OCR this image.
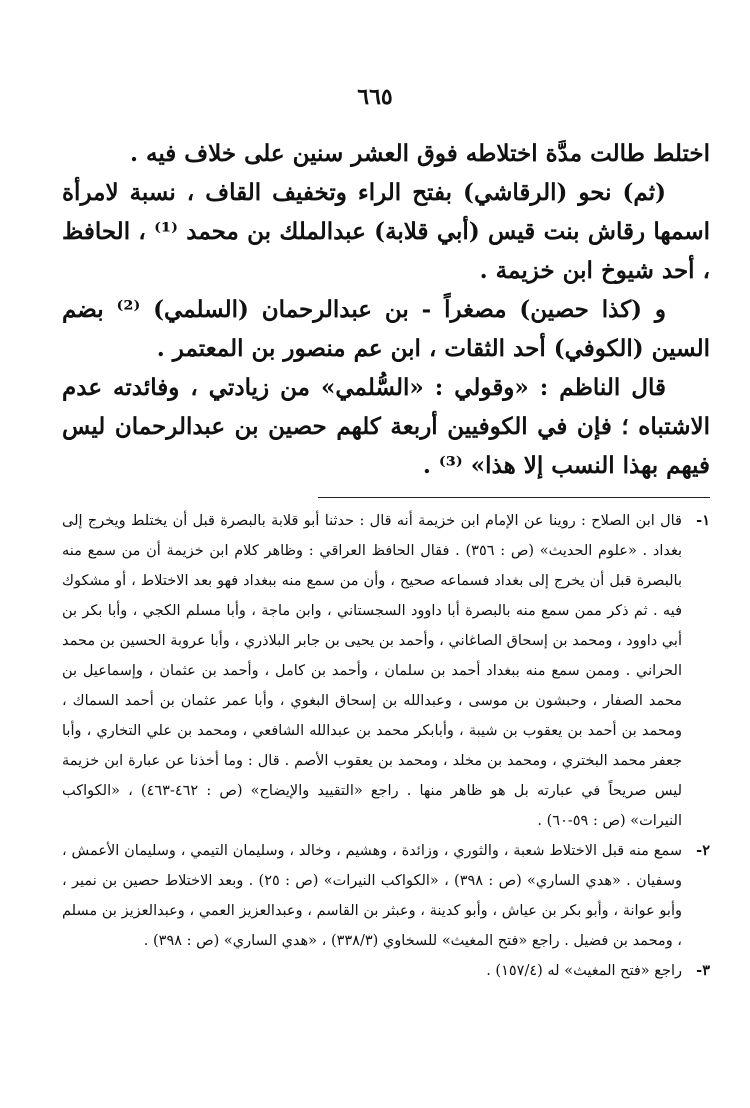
٦٦٥

اختلط طالت مدَّة اختلاطه فوق العشر سنين على خلاف فيه .

(ثم) نحو (الرقاشي) بفتح الراء وتخفيف القاف ، نسبة لامرأة اسمها رقاش بنت قيس (أبي قلابة) عبدالملك بن محمد ⁽¹⁾ ، الحافظ ، أحد شيوخ ابن خزيمة .

و (كذا حصين) مصغراً - بن عبدالرحمان (السلمي) ⁽²⁾ بضم السين (الكوفي) أحد الثقات ، ابن عم منصور بن المعتمر .

قال الناظم : «وقولي : «السُّلمي» من زيادتي ، وفائدته عدم الاشتباه ؛ فإن في الكوفيين أربعة كلهم حصين بن عبدالرحمان ليس فيهم بهذا النسب إلا هذا» ⁽³⁾ .

١-
قال ابن الصلاح : روينا عن الإمام ابن خزيمة أنه قال : حدثنا أبو قلابة بالبصرة قبل أن يختلط ويخرج إلى بغداد . «علوم الحديث» (ص : ٣٥٦) . فقال الحافظ العراقي : وظاهر كلام ابن خزيمة أن من سمع منه بالبصرة قبل أن يخرج إلى بغداد فسماعه صحيح ، وأن من سمع منه ببغداد فهو بعد الاختلاط ، أو مشكوك فيه . ثم ذكر ممن سمع منه بالبصرة أبا داوود السجستاني ، وابن ماجة ، وأبا مسلم الكجي ، وأبا بكر بن أبي داوود ، ومحمد بن إسحاق الصاغاني ، وأحمد بن يحيى بن جابر البلاذري ، وأبا عروبة الحسين بن محمد الحراني . وممن سمع منه ببغداد أحمد بن سلمان ، وأحمد بن كامل ، وأحمد بن عثمان ، وإسماعيل بن محمد الصفار ، وحبشون بن موسى ، وعبدالله بن إسحاق البغوي ، وأبا عمر عثمان بن أحمد السماك ، ومحمد بن أحمد بن يعقوب بن شيبة ، وأبابكر محمد بن عبدالله الشافعي ، ومحمد بن علي التخاري ، وأبا جعفر محمد البختري ، ومحمد بن مخلد ، ومحمد بن يعقوب الأصم . قال : وما أخذنا عن عبارة ابن خزيمة ليس صريحاً في عبارته بل هو ظاهر منها . راجع «التقييد والإيضاح» (ص : ٤٦٢-٤٦٣) ، «الكواكب النيرات» (ص : ٥٩-٦٠) .
٢-
سمع منه قبل الاختلاط شعبة ، والثوري ، وزائدة ، وهشيم ، وخالد ، وسليمان التيمي ، وسليمان الأعمش ، وسفيان . «هدي الساري» (ص : ٣٩٨) ، «الكواكب النيرات» (ص : ٢٥) . وبعد الاختلاط حصين بن نمير ، وأبو عوانة ، وأبو بكر بن عياش ، وأبو كدينة ، وعبثر بن القاسم ، وعبدالعزيز العمي ، وعبدالعزيز بن مسلم ، ومحمد بن فضيل . راجع «فتح المغيث» للسخاوي (٣٣٨/٣) ، «هدي الساري» (ص : ٣٩٨) .
٣-
راجع «فتح المغيث» له (١٥٧/٤) .
